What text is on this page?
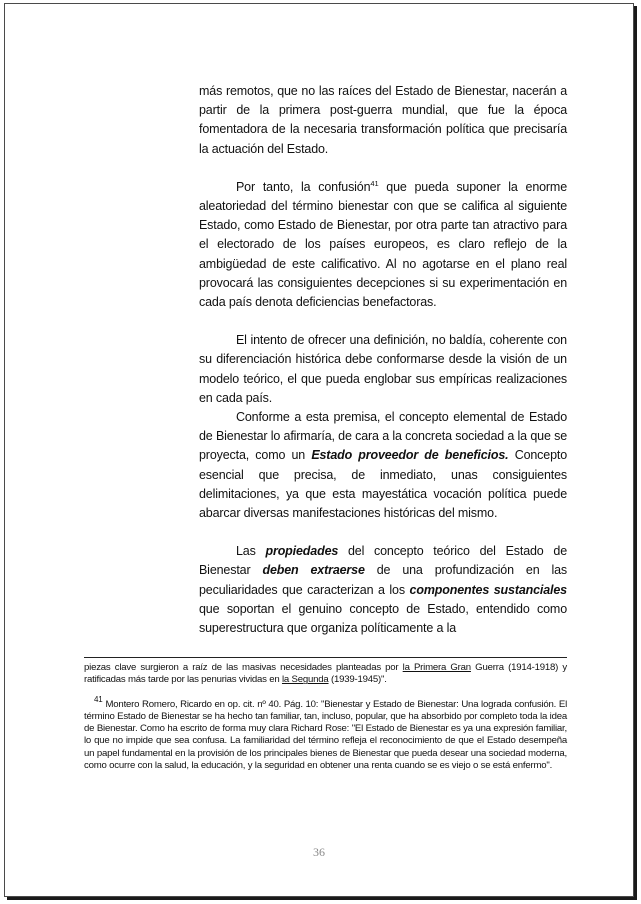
más remotos, que no las raíces del Estado de Bienestar, nacerán a partir de la primera post-guerra mundial, que fue la época fomentadora de la necesaria transformación política que precisaría la actuación del Estado.

Por tanto, la confusión$^{41}$ que pueda suponer la enorme aleatoriedad del término bienestar con que se califica al siguiente Estado, como Estado de Bienestar, por otra parte tan atractivo para el electorado de los países europeos, es claro reflejo de la ambigüedad de este calificativo. Al no agotarse en el plano real provocará las consiguientes decepciones si su experimentación en cada país denota deficiencias benefactoras.

El intento de ofrecer una definición, no baldía, coherente con su diferenciación histórica debe conformarse desde la visión de un modelo teórico, el que pueda englobar sus empíricas realizaciones en cada país.

Conforme a esta premisa, el concepto elemental de Estado de Bienestar lo afirmaría, de cara a la concreta sociedad a la que se proyecta, como un Estado proveedor de beneficios. Concepto esencial que precisa, de inmediato, unas consiguientes delimitaciones, ya que esta mayestática vocación política puede abarcar diversas manifestaciones históricas del mismo.

Las propiedades del concepto teórico del Estado de Bienestar deben extraerse de una profundización en las peculiaridades que caracterizan a los componentes sustanciales que soportan el genuino concepto de Estado, entendido como superestructura que organiza políticamente a la

piezas clave surgieron a raíz de las masivas necesidades planteadas por la Primera Gran Guerra (1914-1918) y ratificadas más tarde por las penurias vividas en la Segunda (1939-1945)".

$^{41}$ Montero Romero, Ricardo en op. cit. nº 40. Pág. 10: "Bienestar y Estado de Bienestar: Una lograda confusión. El término Estado de Bienestar se ha hecho tan familiar, tan, incluso, popular, que ha absorbido por completo toda la idea de Bienestar. Como ha escrito de forma muy clara Richard Rose: "El Estado de Bienestar es ya una expresión familiar, lo que no impide que sea confusa. La familiaridad del término refleja el reconocimiento de que el Estado desempeña un papel fundamental en la provisión de los principales bienes de Bienestar que pueda desear una sociedad moderna, como ocurre con la salud, la educación, y la seguridad en obtener una renta cuando se es viejo o se está enfermo".

36
